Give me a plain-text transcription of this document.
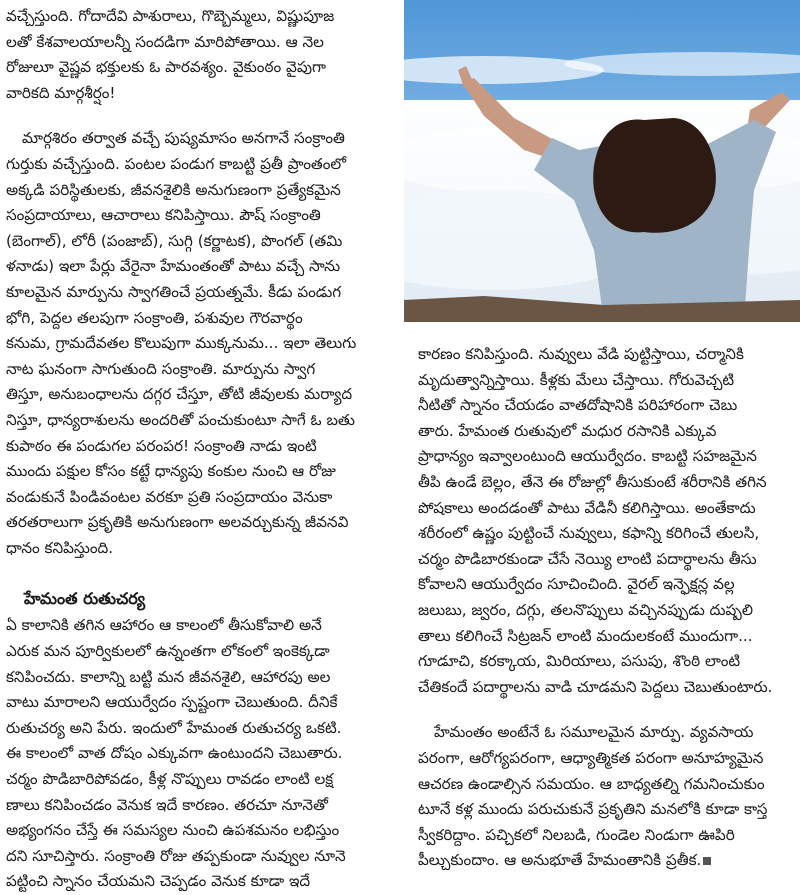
వచ్చేస్తుంది. గోదాదేవి పాశురాలు, గొబ్బెమ్మలు, విష్ణుపూజ
లతో కేశవాలయాలన్నీ సందడిగా మారిపోతాయి. ఆ నెల
రోజులూ వైష్ణవ భక్తులకు ఓ పారవశ్యం. వైకుంఠం వైపుగా
వారికది మార్గశీర్షం!

మార్గశిరం తర్వాత వచ్చే పుష్యమాసం అనగానే సంక్రాంతి
గుర్తుకు వచ్చేస్తుంది. పంటల పండుగ కాబట్టి ప్రతీ ప్రాంతంలో
అక్కడి పరిస్థితులకు, జీవనశైలికి అనుగుణంగా ప్రత్యేకమైన
సంప్రదాయాలు, ఆచారాలు కనిపిస్తాయి. పౌష్ సంక్రాంతి
(బెంగాల్), లోరీ (పంజాబ్), సుగ్గి (కర్ణాటక), పొంగల్ (తమి
ళనాడు) ఇలా పేర్లు వేరైనా హేమంతంతో పాటు వచ్చే సాను
కూలమైన మార్పును స్వాగతించే ప్రయత్నమే. కీడు పండుగ
భోగి, పెద్దల తలపుగా సంక్రాంతి, పశువుల గౌరవార్థం
కనుమ, గ్రామదేవతల కొలుపుగా ముక్కనుమ... ఇలా తెలుగు
నాట ఘనంగా సాగుతుంది సంక్రాంతి. మార్పును స్వాగ
తిస్తూ, అనుబంధాలను దగ్గర చేస్తూ, తోటి జీవులకు మర్యాద
నిస్తూ, ధాన్యరాశులను అందరితో పంచుకుంటూ సాగే ఓ బతు
కుపాఠం ఈ పండుగల పరంపర! సంక్రాంతి నాడు ఇంటి
ముందు పక్షుల కోసం కట్టే ధాన్యపు కంకుల నుంచి ఆ రోజు
వండుకునే పిండివంటల వరకూ ప్రతి సంప్రదాయం వెనుకా
తరతరాలుగా ప్రకృతికి అనుగుణంగా అలవర్చుకున్న జీవనవి
ధానం కనిపిస్తుంది.

హేమంత రుతుచర్య

ఏ కాలానికి తగిన ఆహారం ఆ కాలంలో తీసుకోవాలి అనే
ఎరుక మన పూర్వికులలో ఉన్నంతగా లోకంలో ఇంకెక్కడా
కనిపించదు. కాలాన్ని బట్టి మన జీవనశైలి, ఆహారపు అల
వాటు మారాలని ఆయుర్వేదం స్పష్టంగా చెబుతుంది. దీనికే
రుతుచర్య అని పేరు. ఇందులో హేమంత రుతుచర్య ఒకటి.
ఈ కాలంలో వాత దోషం ఎక్కువగా ఉంటుందని చెబుతారు.
చర్మం పొడిబారిపోవడం, కీళ్ల నొప్పులు రావడం లాంటి లక్ష
ణాలు కనిపించడం వెనుక ఇదే కారణం. తరచూ నూనెతో
అభ్యంగనం చేస్తే ఈ సమస్యల నుంచి ఉపశమనం లభిస్తుం
దని సూచిస్తారు. సంక్రాంతి రోజు తప్పకుండా నువ్వుల నూనె
పట్టించి స్నానం చేయమని చెప్పడం వెనుక కూడా ఇదే

కారణం కనిపిస్తుంది. నువ్వులు వేడి పుట్టిస్తాయి, చర్మానికి
మృదుత్వాన్నిస్తాయి. కీళ్లకు మేలు చేస్తాయి. గోరువెచ్చటి
నీటితో స్నానం చేయడం వాతదోషానికి పరిహారంగా చెబు
తారు. హేమంత రుతువులో మధుర రసానికి ఎక్కువ
ప్రాధాన్యం ఇవ్వాలంటుంది ఆయుర్వేదం. కాబట్టి సహజమైన
తీపి ఉండే బెల్లం, తేనె ఈ రోజుల్లో తీసుకుంటే శరీరానికి తగిన
పోషకాలు అందడంతో పాటు వేడినీ కలిగిస్తాయి. అంతేకాదు
శరీరంలో ఉష్ణం పుట్టించే నువ్వులు, కఫాన్ని కరిగించే తులసి,
చర్మం పొడిబారకుండా చేసే నెయ్యి లాంటి పదార్థాలను తీసు
కోవాలని ఆయుర్వేదం సూచించింది. వైరల్ ఇన్ఫెక్షన్ల వల్ల
జలుబు, జ్వరం, దగ్గు, తలనొప్పులు వచ్చినప్పుడు దుష్పలి
తాలు కలిగించే సిట్రజన్ లాంటి మందులకంటే ముందుగా...
గూడూచి, కరక్కాయ, మిరియాలు, పసుపు, శొంఠి లాంటి
చేతికందే పదార్థాలను వాడి చూడమని పెద్దలు చెబుతుంటారు.

హేమంతం అంటేనే ఓ సమూలమైన మార్పు. వ్యవసాయ
పరంగా, ఆరోగ్యపరంగా, ఆధ్యాత్మికత పరంగా అనూహ్యమైన
ఆచరణ ఉండాల్సిన సమయం. ఆ బాధ్యతల్ని గమనించుకుం
టూనే కళ్ల ముందు పరుచుకునే ప్రకృతిని మనలోకి కూడా కాస్త
స్వీకరిద్దాం. పచ్చికలో నిలబడి, గుండెల నిండుగా ఊపిరి
పీల్చుకుందాం. ఆ అనుభూతే హేమంతానికి ప్రతీక.
